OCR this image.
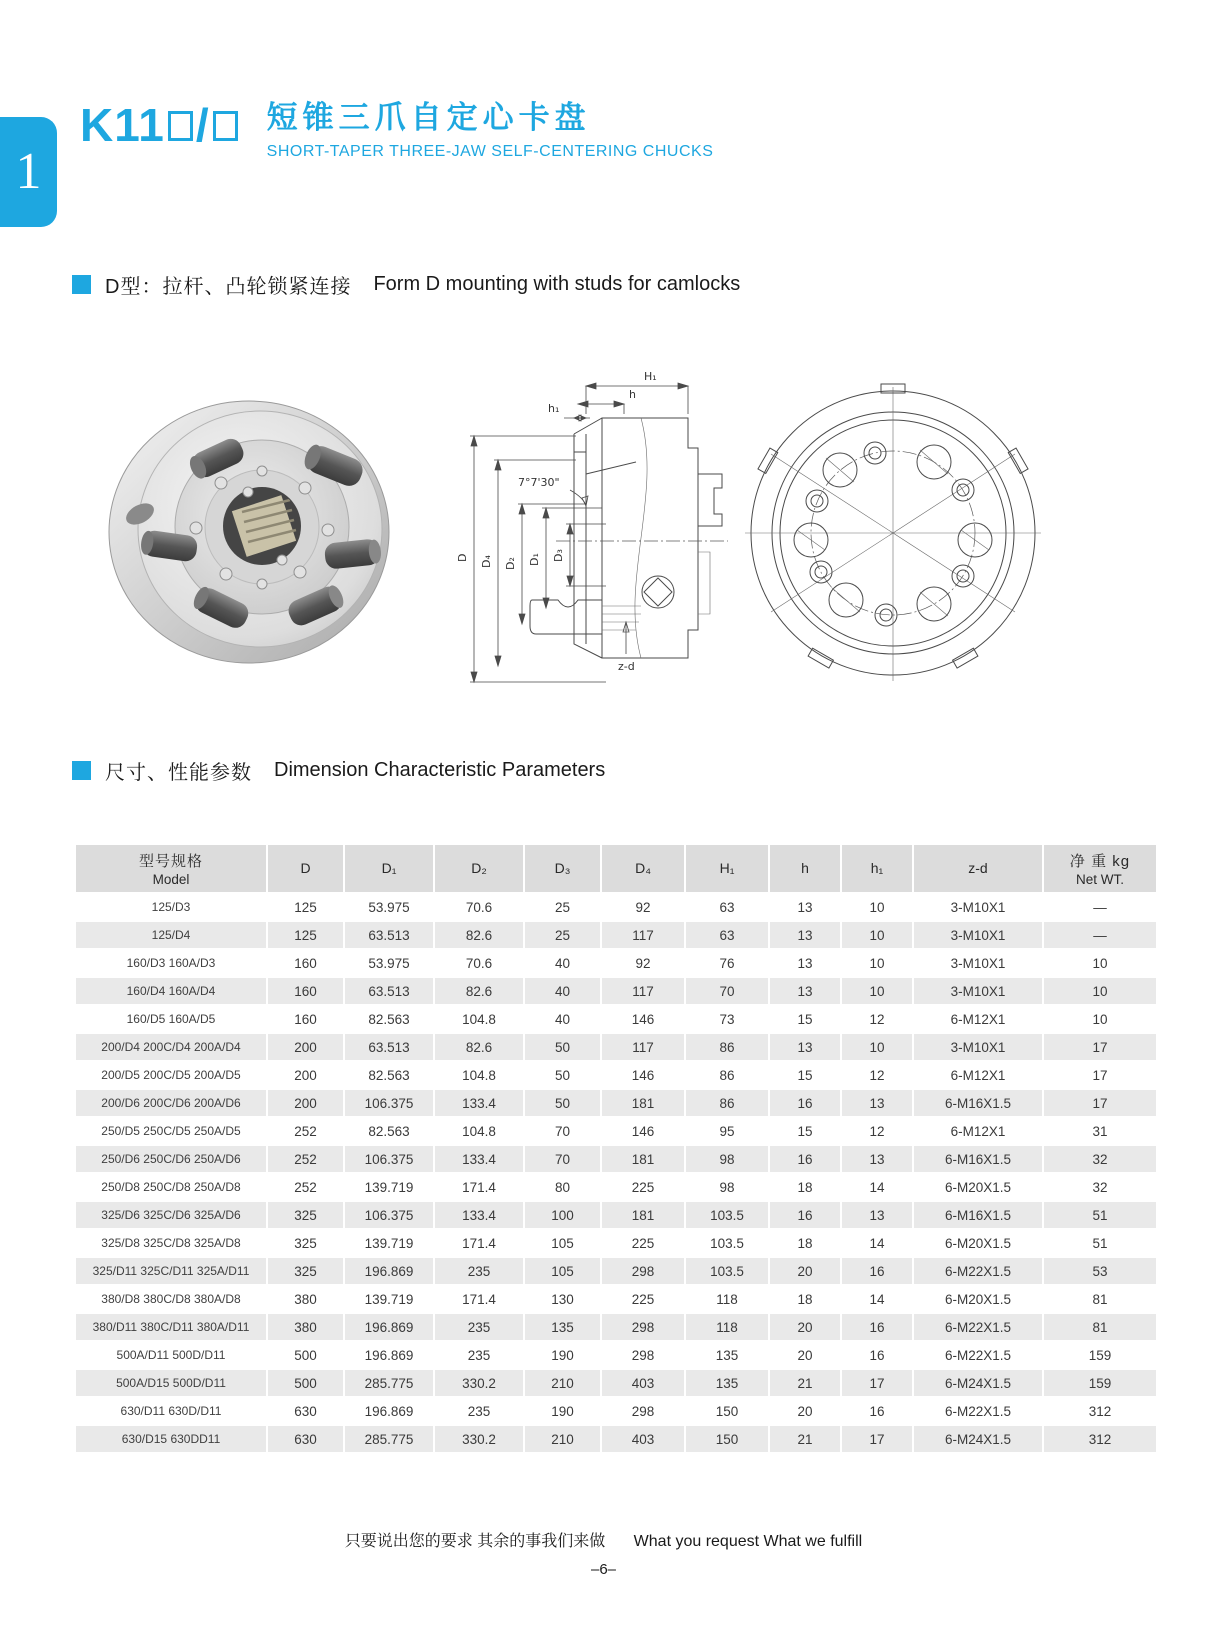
1
K11 / 短锥三爪自定心卡盘
SHORT-TAPER THREE-JAW SELF-CENTERING CHUCKS
D型：拉杆、凸轮锁紧连接 Form D mounting with studs for camlocks
D D₄ D₂ D₁ D₃
H₁
h
h₁
7°7'30"
z-d
尺寸、性能参数 Dimension Characteristic Parameters
型号规格
Model	D	D₁	D₂	D₃	D₄	H₁	h	h₁	z-d	净 重 kg
Net WT.

125/D3	125	53.975	70.6	25	92	63	13	10	3-M10X1	—
125/D4	125	63.513	82.6	25	117	63	13	10	3-M10X1	—
160/D3 160A/D3	160	53.975	70.6	40	92	76	13	10	3-M10X1	10
160/D4 160A/D4	160	63.513	82.6	40	117	70	13	10	3-M10X1	10
160/D5 160A/D5	160	82.563	104.8	40	146	73	15	12	6-M12X1	10
200/D4 200C/D4 200A/D4	200	63.513	82.6	50	117	86	13	10	3-M10X1	17
200/D5 200C/D5 200A/D5	200	82.563	104.8	50	146	86	15	12	6-M12X1	17
200/D6 200C/D6 200A/D6	200	106.375	133.4	50	181	86	16	13	6-M16X1.5	17
250/D5 250C/D5 250A/D5	252	82.563	104.8	70	146	95	15	12	6-M12X1	31
250/D6 250C/D6 250A/D6	252	106.375	133.4	70	181	98	16	13	6-M16X1.5	32
250/D8 250C/D8 250A/D8	252	139.719	171.4	80	225	98	18	14	6-M20X1.5	32
325/D6 325C/D6 325A/D6	325	106.375	133.4	100	181	103.5	16	13	6-M16X1.5	51
325/D8 325C/D8 325A/D8	325	139.719	171.4	105	225	103.5	18	14	6-M20X1.5	51
325/D11 325C/D11 325A/D11	325	196.869	235	105	298	103.5	20	16	6-M22X1.5	53
380/D8 380C/D8 380A/D8	380	139.719	171.4	130	225	118	18	14	6-M20X1.5	81
380/D11 380C/D11 380A/D11	380	196.869	235	135	298	118	20	16	6-M22X1.5	81
500A/D11 500D/D11	500	196.869	235	190	298	135	20	16	6-M22X1.5	159
500A/D15 500D/D11	500	285.775	330.2	210	403	135	21	17	6-M24X1.5	159
630/D11 630D/D11	630	196.869	235	190	298	150	20	16	6-M22X1.5	312
630/D15 630DD11	630	285.775	330.2	210	403	150	21	17	6-M24X1.5	312
只要说出您的要求 其余的事我们来做 What you request What we fulfill
–6–
